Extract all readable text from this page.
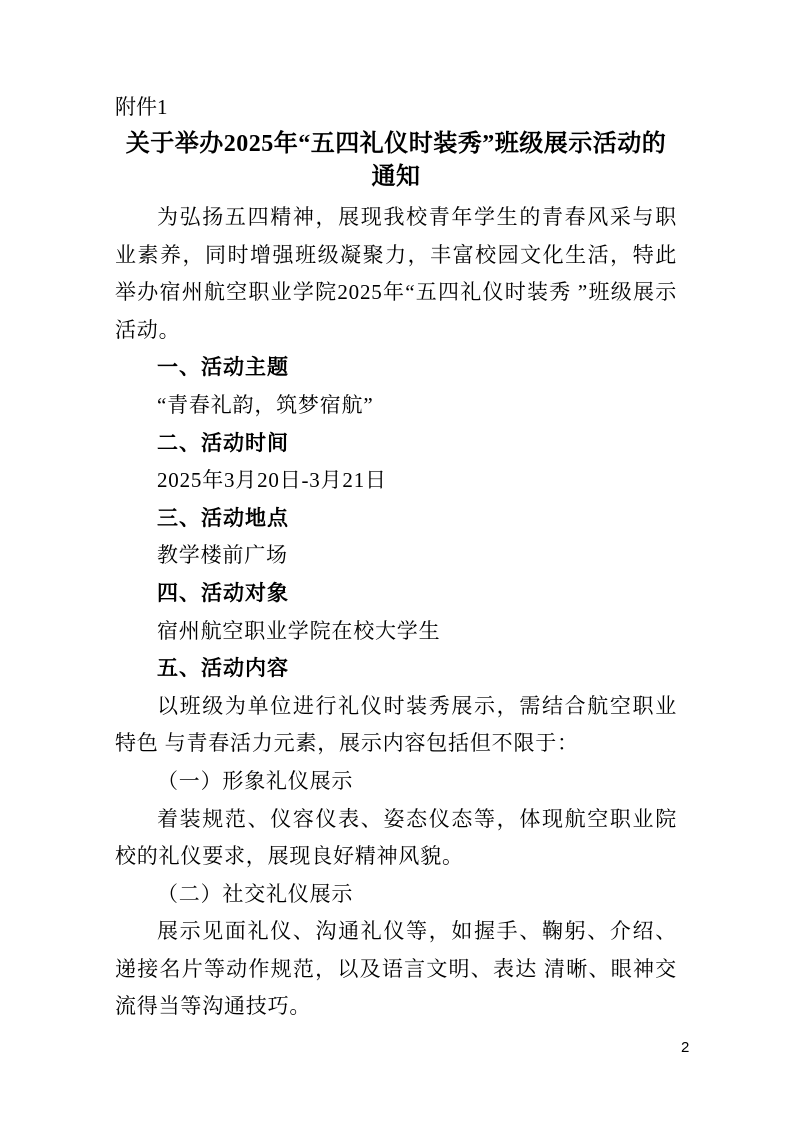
附件1

关于举办2025年“五四礼仪时装秀”班级展示活动的通知

为弘扬五四精神，展现我校青年学生的青春风采与职业素养，同时增强班级凝聚力，丰富校园文化生活，特此举办宿州航空职业学院2025年“五四礼仪时装秀 ”班级展示活动。

一、活动主题

“青春礼韵，筑梦宿航”

二、活动时间

2025年3月20日-3月21日

三、活动地点

教学楼前广场

四、活动对象

宿州航空职业学院在校大学生

五、活动内容

以班级为单位进行礼仪时装秀展示，需结合航空职业特色 与青春活力元素，展示内容包括但不限于：

（一）形象礼仪展示

着装规范、仪容仪表、姿态仪态等，体现航空职业院校的礼仪要求，展现良好精神风貌。

（二）社交礼仪展示

展示见面礼仪、沟通礼仪等，如握手、鞠躬、介绍、递接名片等动作规范，以及语言文明、表达 清晰、眼神交流得当等沟通技巧。

2
